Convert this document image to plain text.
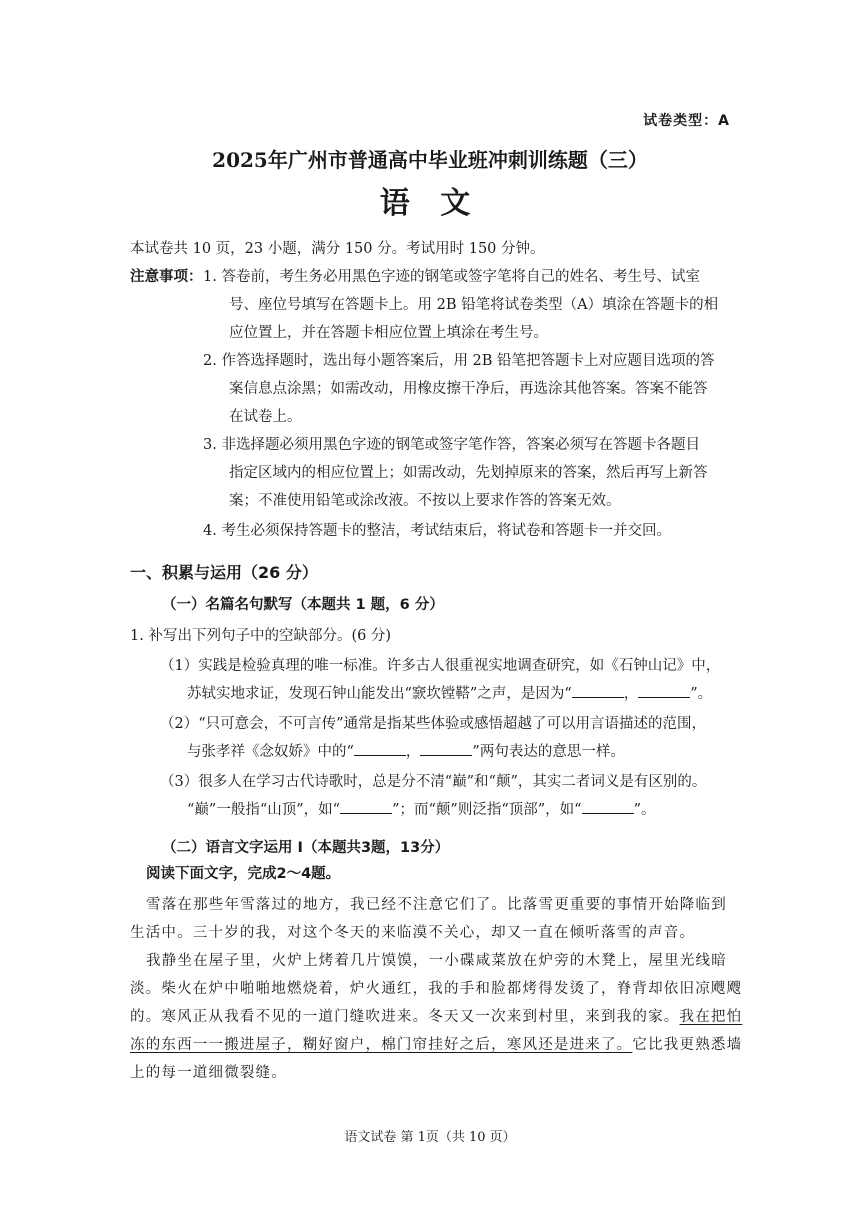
试卷类型：A
2025年广州市普通高中毕业班冲刺训练题（三）
语 文
本试卷共 10 页，23 小题，满分 150 分。考试用时 150 分钟。
注意事项： 1. 答卷前，考生务必用黑色字迹的钢笔或签字笔将自己的姓名、考生号、试室
号、座位号填写在答题卡上。用 2B 铅笔将试卷类型（A）填涂在答题卡的相
应位置上，并在答题卡相应位置上填涂在考生号。
2. 作答选择题时，选出每小题答案后，用 2B 铅笔把答题卡上对应题目选项的答
案信息点涂黑；如需改动，用橡皮擦干净后，再选涂其他答案。答案不能答
在试卷上。
3. 非选择题必须用黑色字迹的钢笔或签字笔作答，答案必须写在答题卡各题目
指定区域内的相应位置上；如需改动，先划掉原来的答案，然后再写上新答
案；不准使用铅笔或涂改液。不按以上要求作答的答案无效。
4. 考生必须保持答题卡的整洁，考试结束后，将试卷和答题卡一并交回。
一、积累与运用（26 分）
（一）名篇名句默写（本题共 1 题，6 分）
1. 补写出下列句子中的空缺部分。(6 分)
（1）实践是检验真理的唯一标准。许多古人很重视实地调查研究，如《石钟山记》中，
苏轼实地求证，发现石钟山能发出“窾坎镗鞳”之声，是因为“	，	”。
（2）“只可意会，不可言传”通常是指某些体验或感悟超越了可以用言语描述的范围，
与张孝祥《念奴娇》中的“	，	”两句表达的意思一样。
（3）很多人在学习古代诗歌时，总是分不清“巅”和“颠”，其实二者词义是有区别的。
“巅”一般指“山顶”，如“	”；而“颠”则泛指“顶部”，如“	”。
（二）语言文字运用 Ⅰ（本题共3题，13分）
阅读下面文字，完成2～4题。
雪落在那些年雪落过的地方，我已经不注意它们了。比落雪更重要的事情开始降临到
生活中。三十岁的我，对这个冬天的来临漠不关心，却又一直在倾听落雪的声音。
我静坐在屋子里，火炉上烤着几片馍馍，一小碟咸菜放在炉旁的木凳上，屋里光线暗
淡。柴火在炉中啪啪地燃烧着，炉火通红，我的手和脸都烤得发烫了，脊背却依旧凉飕飕
的。寒风正从我看不见的一道门缝吹进来。冬天又一次来到村里，来到我的家。我在把怕
冻的东西一一搬进屋子，糊好窗户，棉门帘挂好之后，寒风还是进来了。它比我更熟悉墙
上的每一道细微裂缝。
语文试卷 第 1页（共 10 页）
